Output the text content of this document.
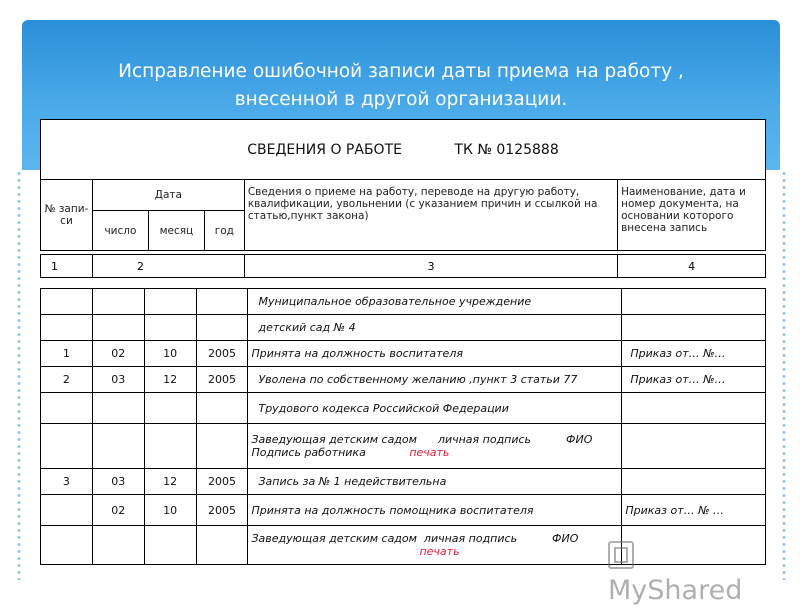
Исправление ошибочной записи даты приема на работу ,
внесенной в другой организации.
СВЕДЕНИЯ О РАБОТЕ ТК № 0125888					
№ запи-си	Дата			Сведения о приеме на работу, переводе на другую работу, квалификации, увольнении (с указанием причин и ссылкой на статью,пункт закона)	Наименование, дата и номер документа, на основании которого внесена запись
	число	месяц	год		
1	2	3	4
				Муниципальное образовательное учреждение	
				детский сад № 4	
1	02	10	2005	Принята на должность воспитателя	Приказ от… №…
2	03	12	2005	Уволена по собственному желанию ,пункт 3 статьи 77	Приказ от… №…
				Трудового кодекса Российской Федерации	

				Заведующая детским садом      личная подпись          ФИО
Подпись работника печать	

3	03	12	2005	Запись за № 1 недействительна	
	02	10	2005	Принята на должность помощника воспитателя	Приказ от… № …

				Заведующая детским садом  личная подпись          ФИО
печать	

MyShared
